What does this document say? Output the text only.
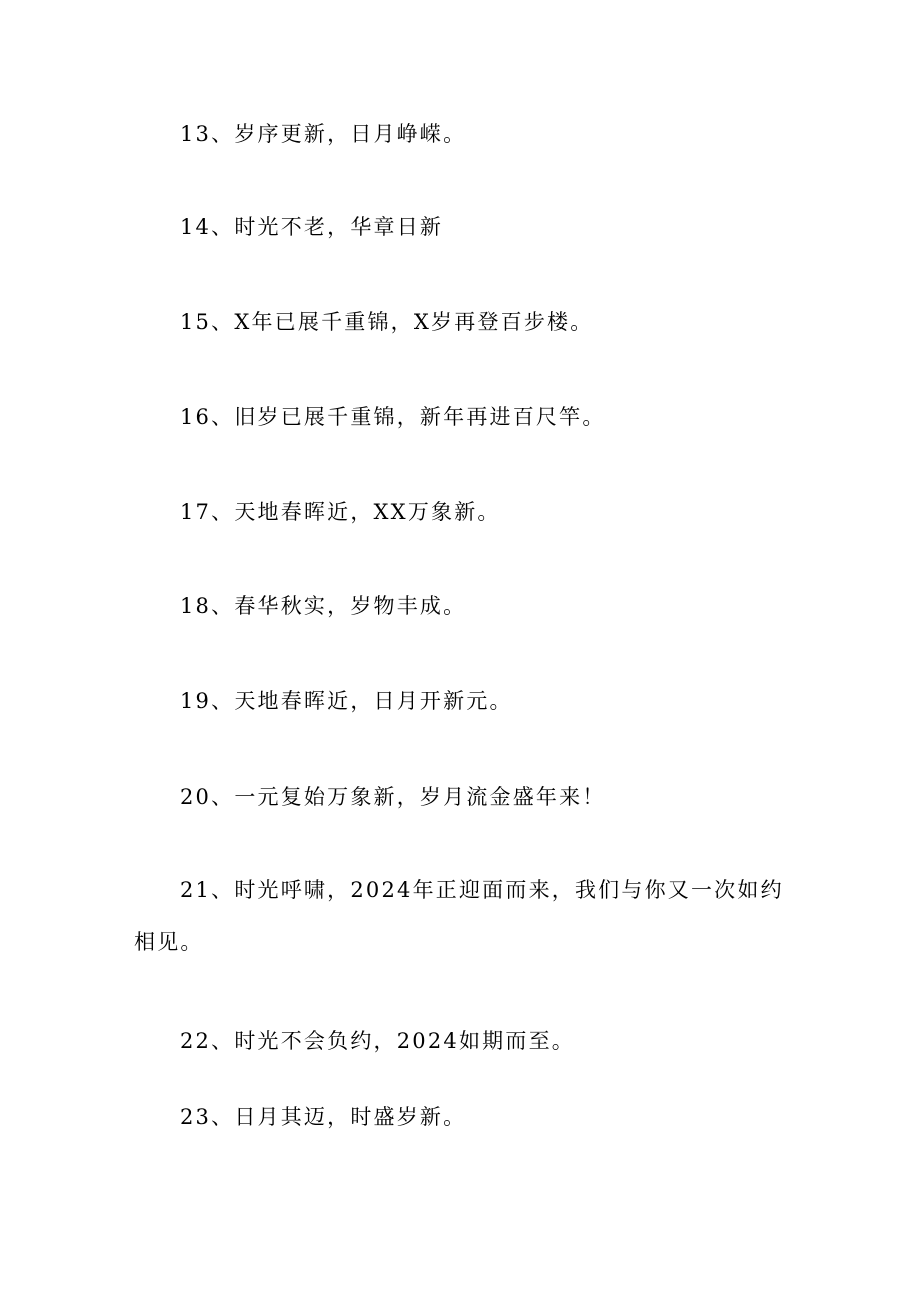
13、岁序更新，日月峥嵘。

14、时光不老，华章日新

15、X年已展千重锦，X岁再登百步楼。

16、旧岁已展千重锦，新年再进百尺竿。

17、天地春晖近，XX万象新。

18、春华秋实，岁物丰成。

19、天地春晖近，日月开新元。

20、一元复始万象新，岁月流金盛年来！

21、时光呼啸，2024年正迎面而来，我们与你又一次如约相见。

22、时光不会负约，2024如期而至。

23、日月其迈，时盛岁新。
